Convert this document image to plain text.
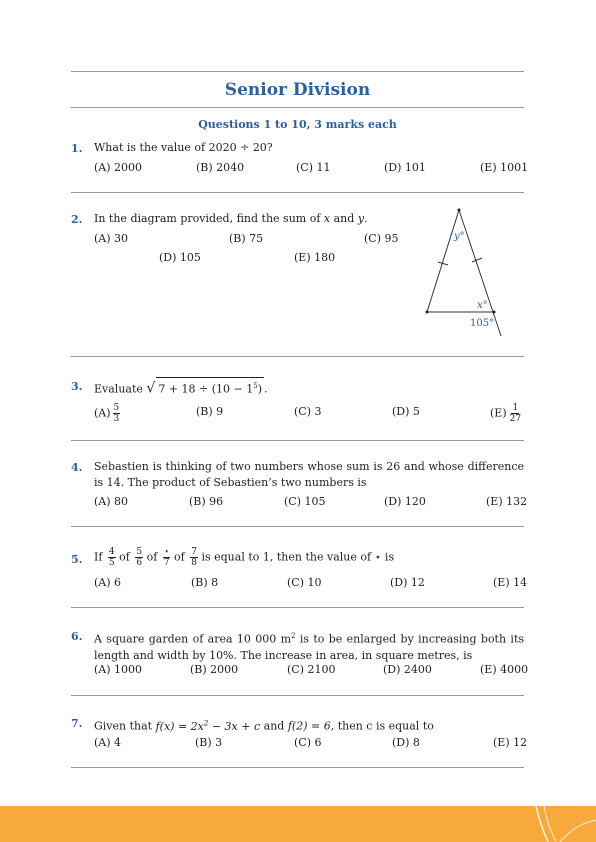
Senior Division
Questions 1 to 10, 3 marks each
1. What is the value of 2020 ÷ 20?
(A) 2000	(B) 2040	(C) 11	(D) 101	(E) 1001
2. In the diagram provided, find the sum of x and y.
(A) 30	(B) 75	(C) 95
(D) 105	(E) 180
y°
x°
105°
3. Evaluate √ $7 + 18 \div (10 - 1^5)$ .
$(A) \frac{5}{3}$	(B) 9	(C) 3	(D) 5	$(E) \frac{1}{27}$
4. Sebastien is thinking of two numbers whose sum is 26 and whose difference is 14. The product of Sebastien’s two numbers is
(A) 80	(B) 96	(C) 105	(D) 120	(E) 132
5. If $\frac{4}{5}$ of $\frac{5}{6}$ of $\frac{⋆}{7}$ of $\frac{7}{8}$ is equal to 1, then the value of ⋆ is
(A) 6	(B) 8	(C) 10	(D) 12	(E) 14
6. A square garden of area 10 000 $m^2$ is to be enlarged by increasing both its length and width by 10%. The increase in area, in square metres, is
(A) 1000	(B) 2000	(C) 2100	(D) 2400	(E) 4000
7. Given that $f(x) = 2x^2 - 3x + c$ and f(2) = 6, then c is equal to
(A) 4	(B) 3	(C) 6	(D) 8	(E) 12
